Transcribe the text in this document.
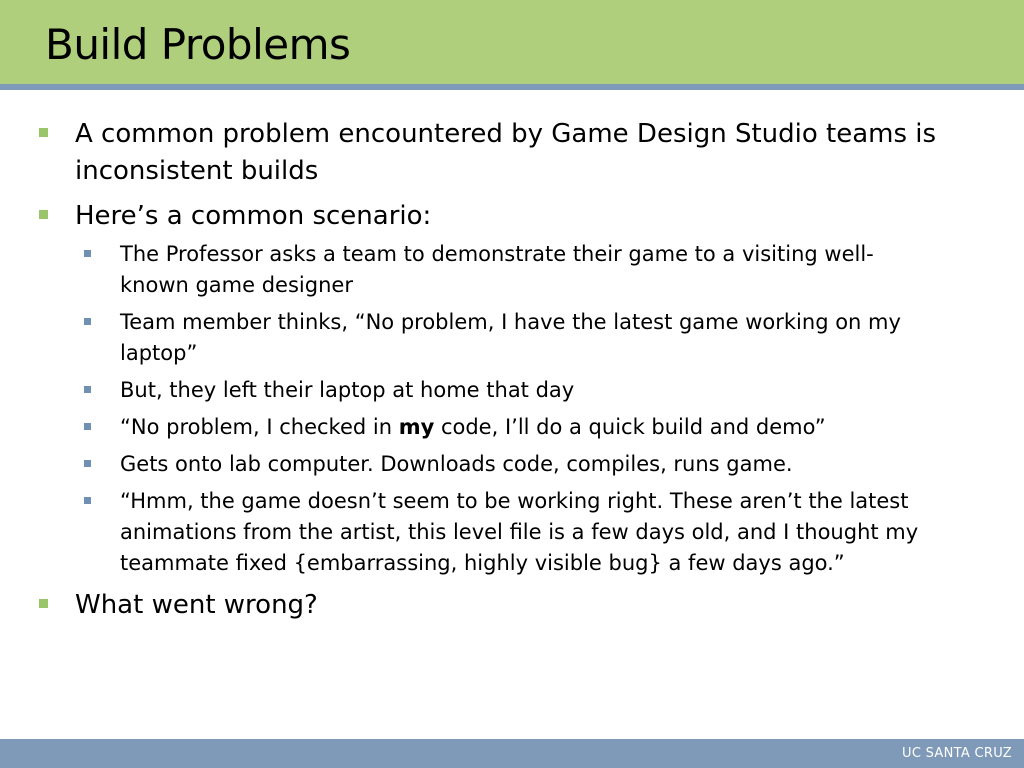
Build Problems
A common problem encountered by Game Design Studio teams is inconsistent builds
Here’s a common scenario:
The Professor asks a team to demonstrate their game to a visiting well-known game designer
Team member thinks, “No problem, I have the latest game working on my laptop”
But, they left their laptop at home that day
“No problem, I checked in my code, I’ll do a quick build and demo”
Gets onto lab computer. Downloads code, compiles, runs game.
“Hmm, the game doesn’t seem to be working right. These aren’t the latest animations from the artist, this level file is a few days old, and I thought my teammate fixed {embarrassing, highly visible bug} a few days ago.”
What went wrong?
UC SANTA CRUZ
